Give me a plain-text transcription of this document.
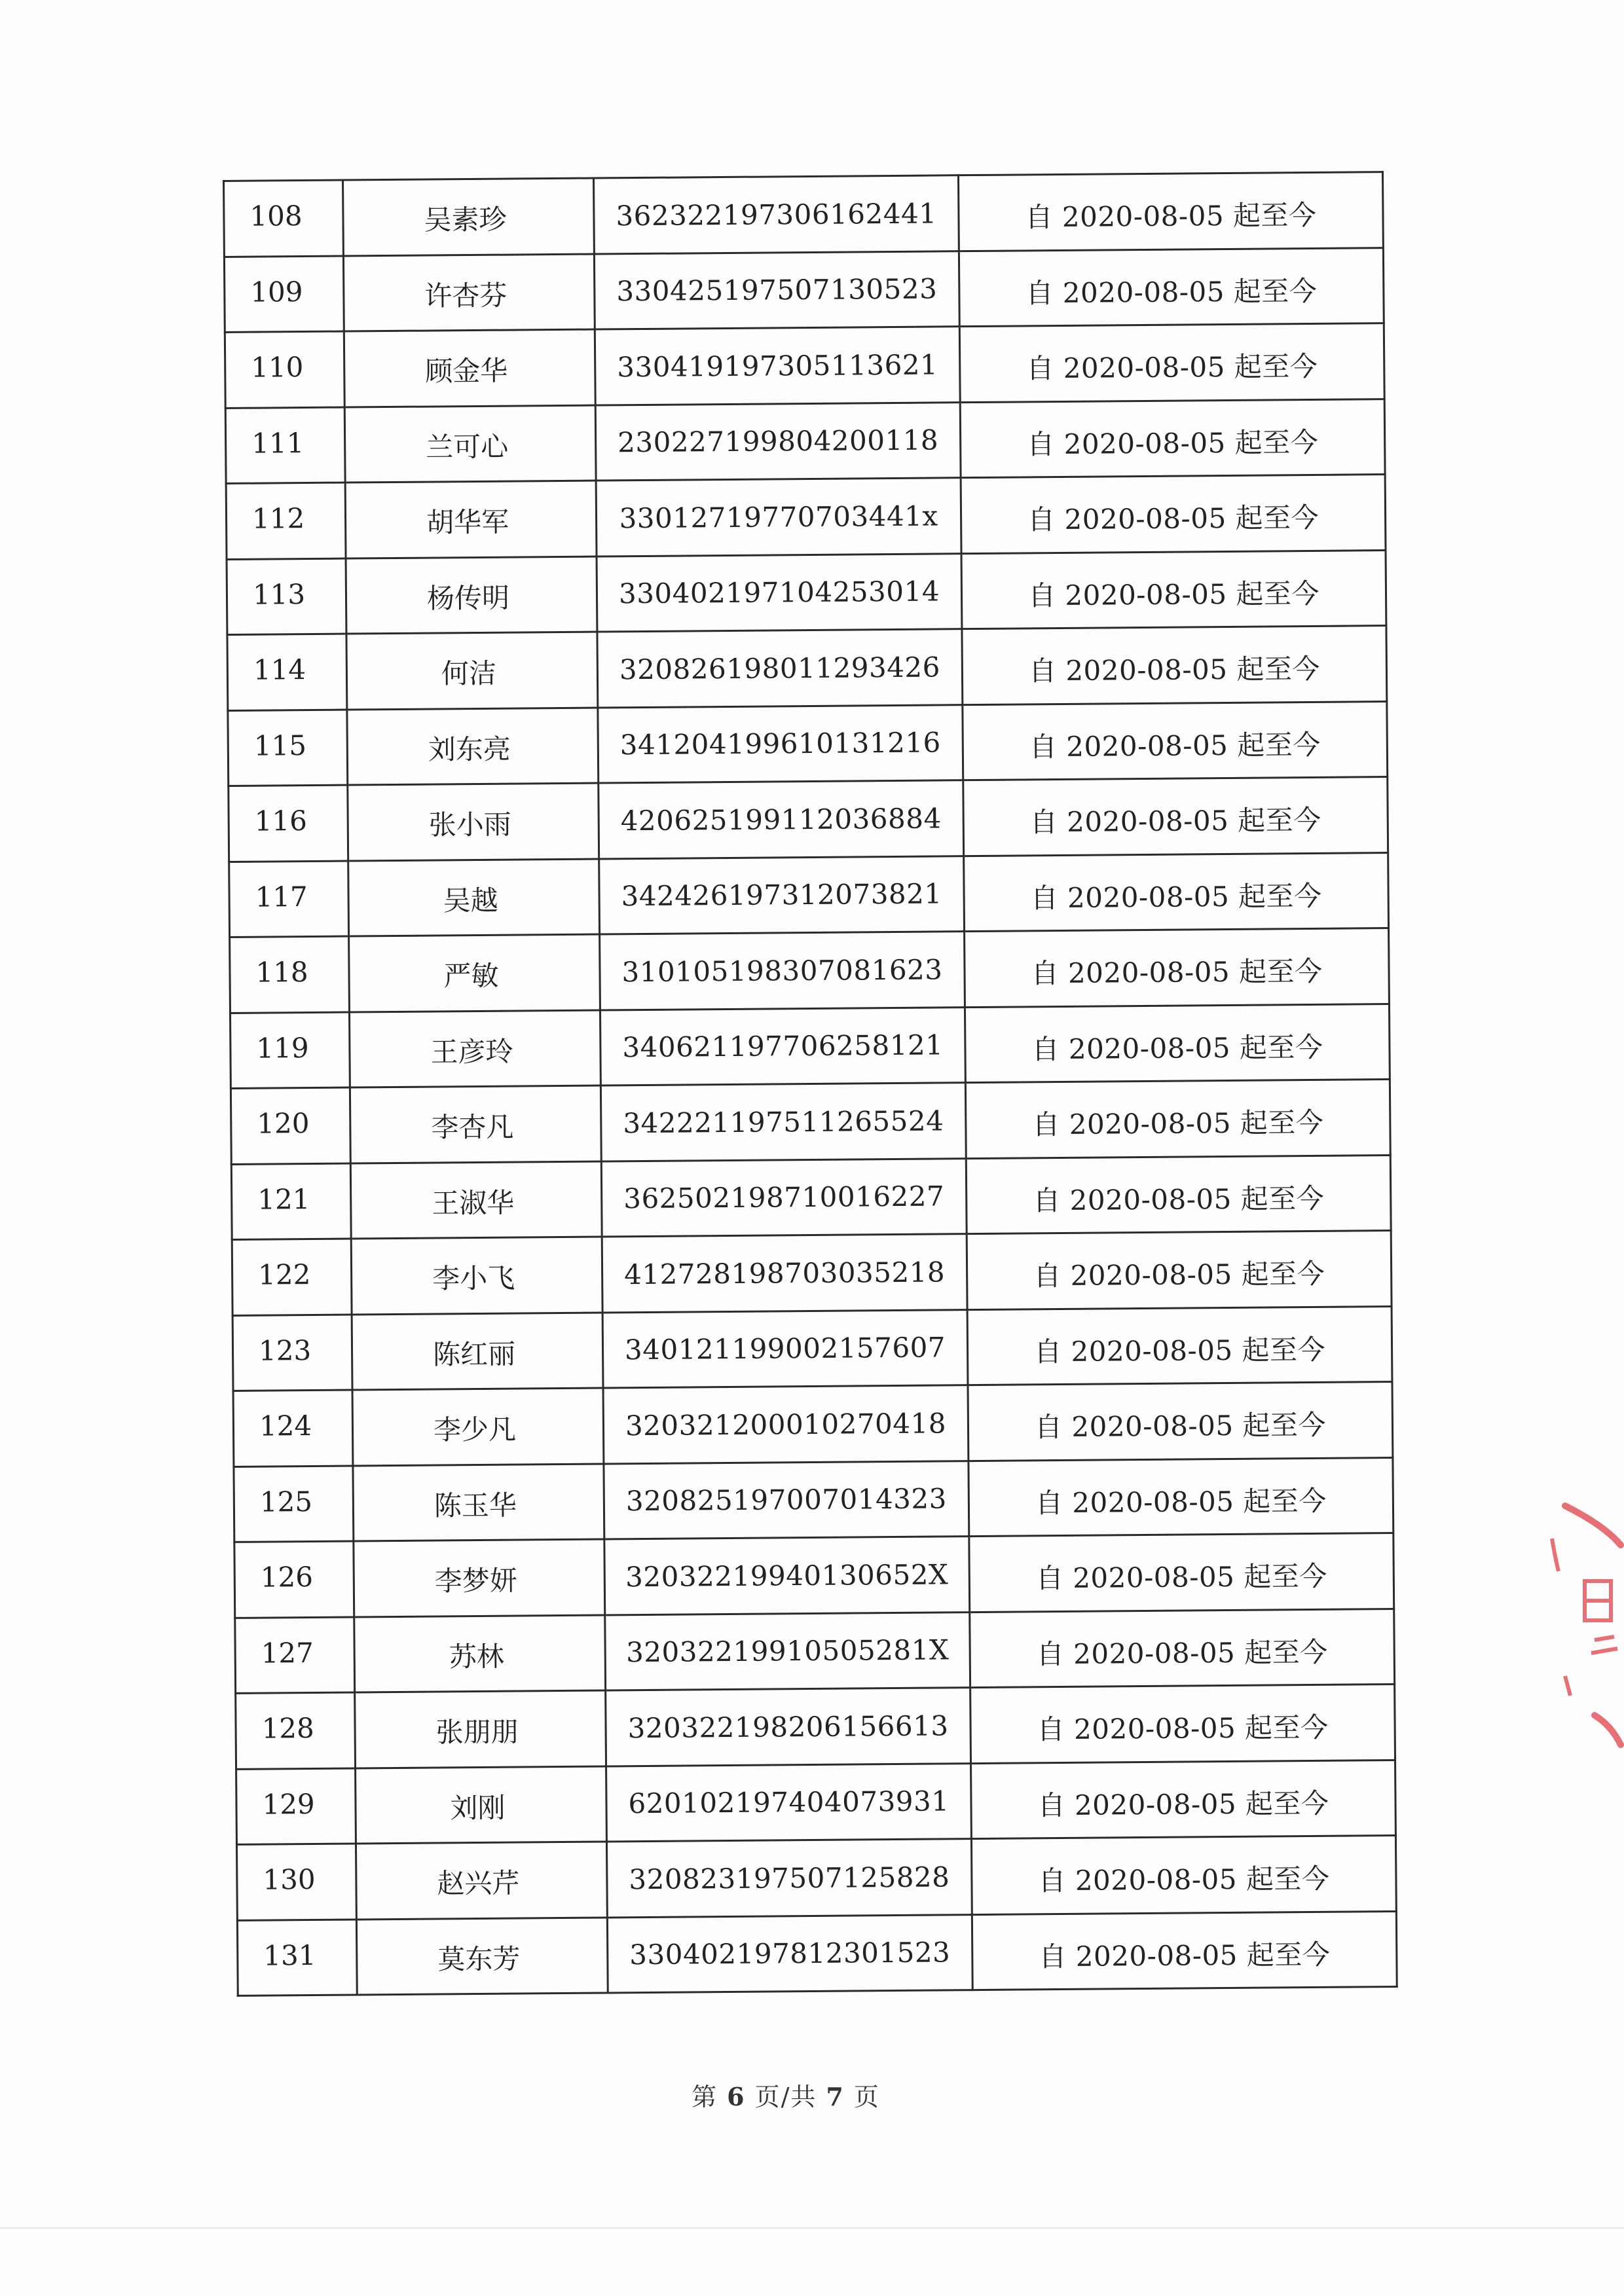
108	吴素珍	362322197306162441	自 2020-08-05 起至今
109	许杏芬	330425197507130523	自 2020-08-05 起至今
110	顾金华	330419197305113621	自 2020-08-05 起至今
111	兰可心	230227199804200118	自 2020-08-05 起至今
112	胡华军	33012719770703441x	自 2020-08-05 起至今
113	杨传明	330402197104253014	自 2020-08-05 起至今
114	何洁	320826198011293426	自 2020-08-05 起至今
115	刘东亮	341204199610131216	自 2020-08-05 起至今
116	张小雨	420625199112036884	自 2020-08-05 起至今
117	吴越	342426197312073821	自 2020-08-05 起至今
118	严敏	310105198307081623	自 2020-08-05 起至今
119	王彦玲	340621197706258121	自 2020-08-05 起至今
120	李杏凡	342221197511265524	自 2020-08-05 起至今
121	王淑华	362502198710016227	自 2020-08-05 起至今
122	李小飞	412728198703035218	自 2020-08-05 起至今
123	陈红丽	340121199002157607	自 2020-08-05 起至今
124	李少凡	320321200010270418	自 2020-08-05 起至今
125	陈玉华	320825197007014323	自 2020-08-05 起至今
126	李梦妍	32032219940130652X	自 2020-08-05 起至今
127	苏林	32032219910505281X	自 2020-08-05 起至今
128	张朋朋	320322198206156613	自 2020-08-05 起至今
129	刘刚	620102197404073931	自 2020-08-05 起至今
130	赵兴芹	320823197507125828	自 2020-08-05 起至今
131	莫东芳	330402197812301523	自 2020-08-05 起至今
第 6 页/共 7 页
